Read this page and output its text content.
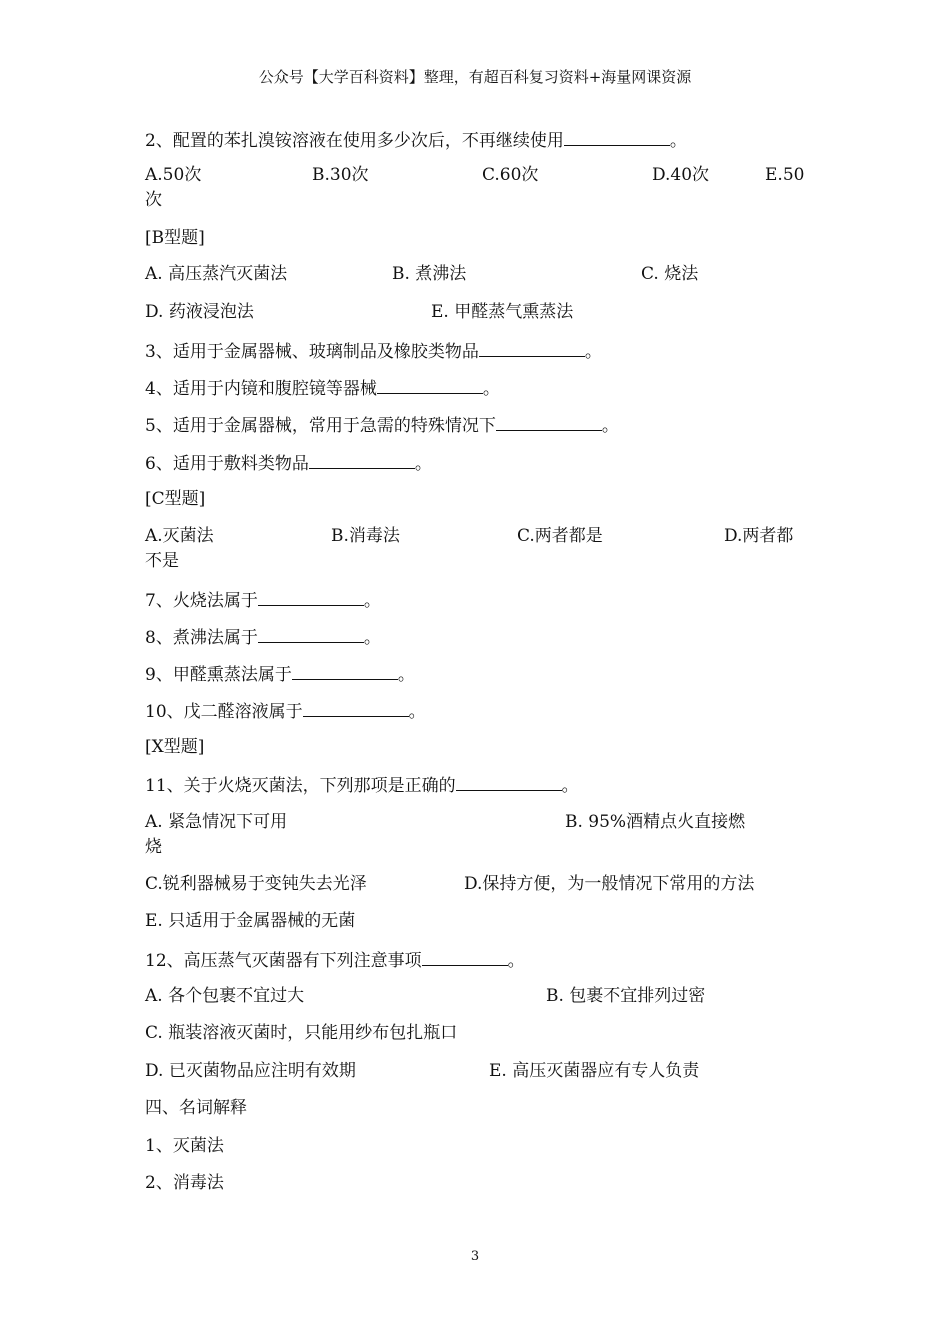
公众号【大学百科资料】整理，有超百科复习资料+海量网课资源
2、配置的苯扎溴铵溶液在使用多少次后，不再继续使用	。
A.50次	B.30次	C.60次	D.40次	E.50
次
[B型题]
A. 高压蒸汽灭菌法	B. 煮沸法	C. 烧法
D. 药液浸泡法	E. 甲醛蒸气熏蒸法
3、适用于金属器械、玻璃制品及橡胶类物品	。
4、适用于内镜和腹腔镜等器械	。
5、适用于金属器械，常用于急需的特殊情况下	。
6、适用于敷料类物品	。
[C型题]
A.灭菌法	B.消毒法	C.两者都是	D.两者都
不是
7、火烧法属于	。
8、煮沸法属于	。
9、甲醛熏蒸法属于	。
10、戊二醛溶液属于	。
[X型题]
11、关于火烧灭菌法，下列那项是正确的	。
A. 紧急情况下可用	B. 95%酒精点火直接燃
烧
C.锐利器械易于变钝失去光泽	D.保持方便，为一般情况下常用的方法
E. 只适用于金属器械的无菌
12、高压蒸气灭菌器有下列注意事项	。
A. 各个包裹不宜过大	B. 包裹不宜排列过密
C. 瓶装溶液灭菌时，只能用纱布包扎瓶口
D. 已灭菌物品应注明有效期	E. 高压灭菌器应有专人负责
四、名词解释
1、灭菌法
2、消毒法
3
